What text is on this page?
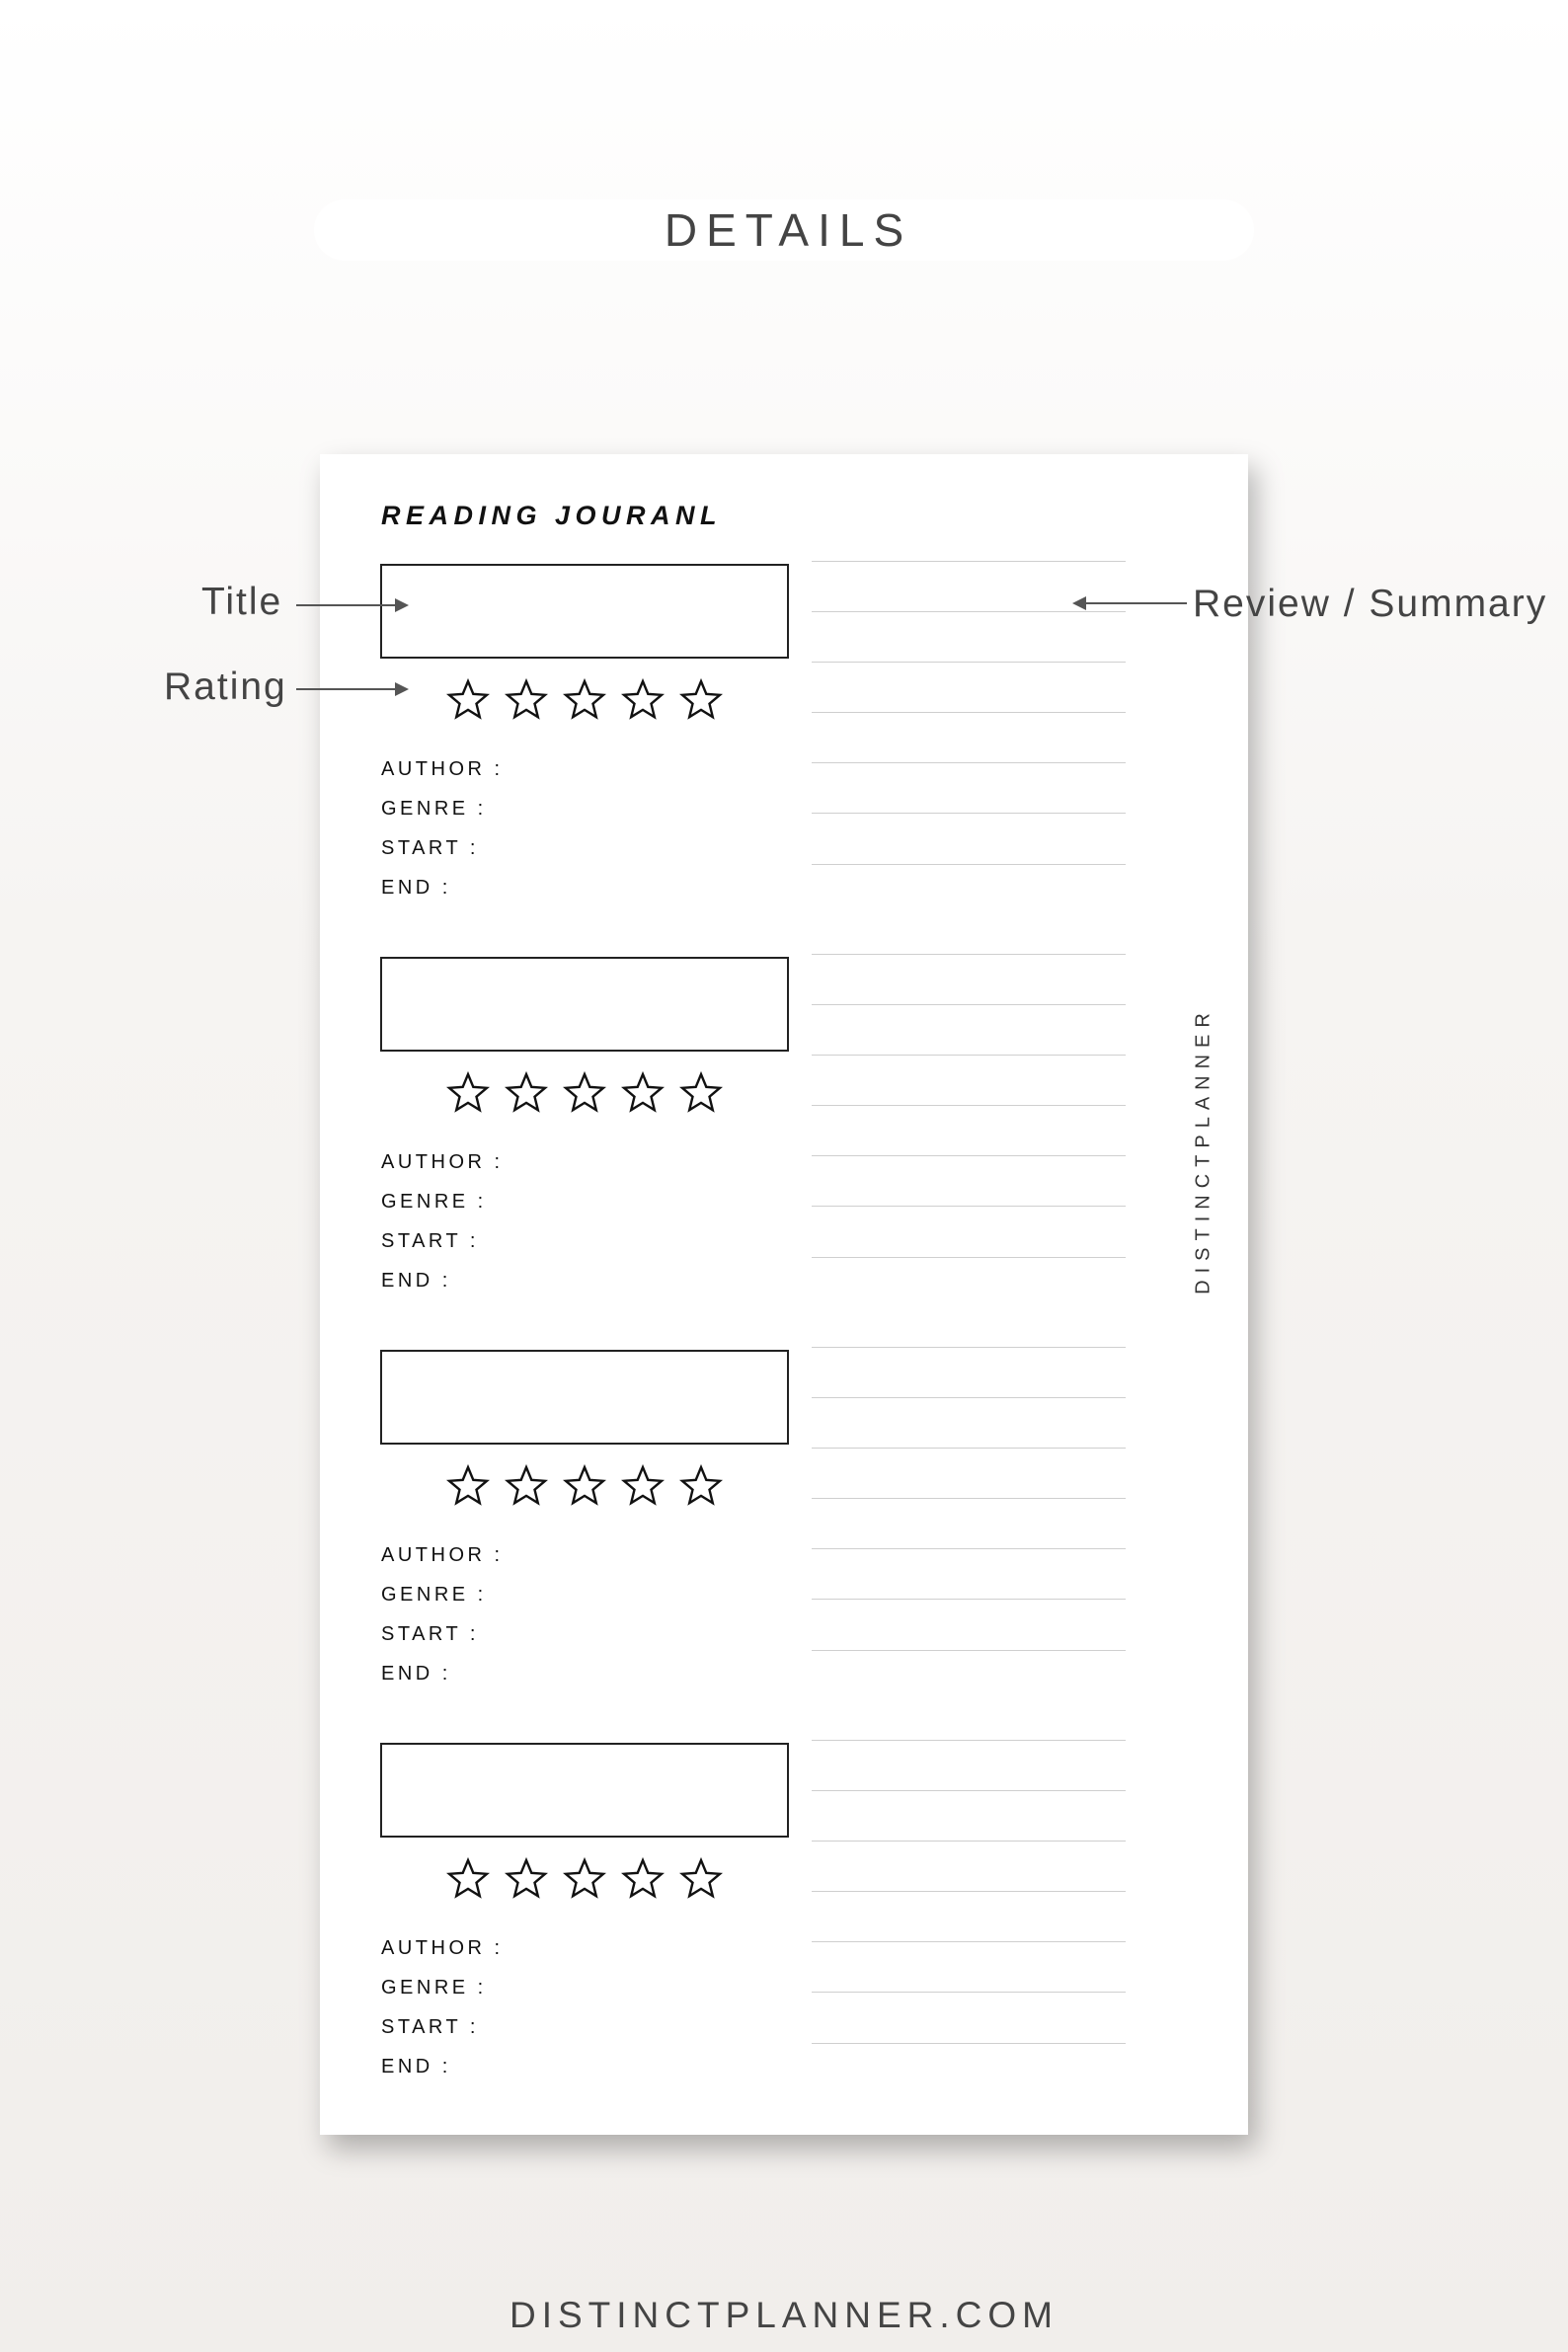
DETAILS
READING JOURANL
DISTINCTPLANNER
AUTHOR :
GENRE :
START :
END :
AUTHOR :
GENRE :
START :
END :
AUTHOR :
GENRE :
START :
END :
AUTHOR :
GENRE :
START :
END :
Title
Rating
Review / Summary
DISTINCTPLANNER.COM
